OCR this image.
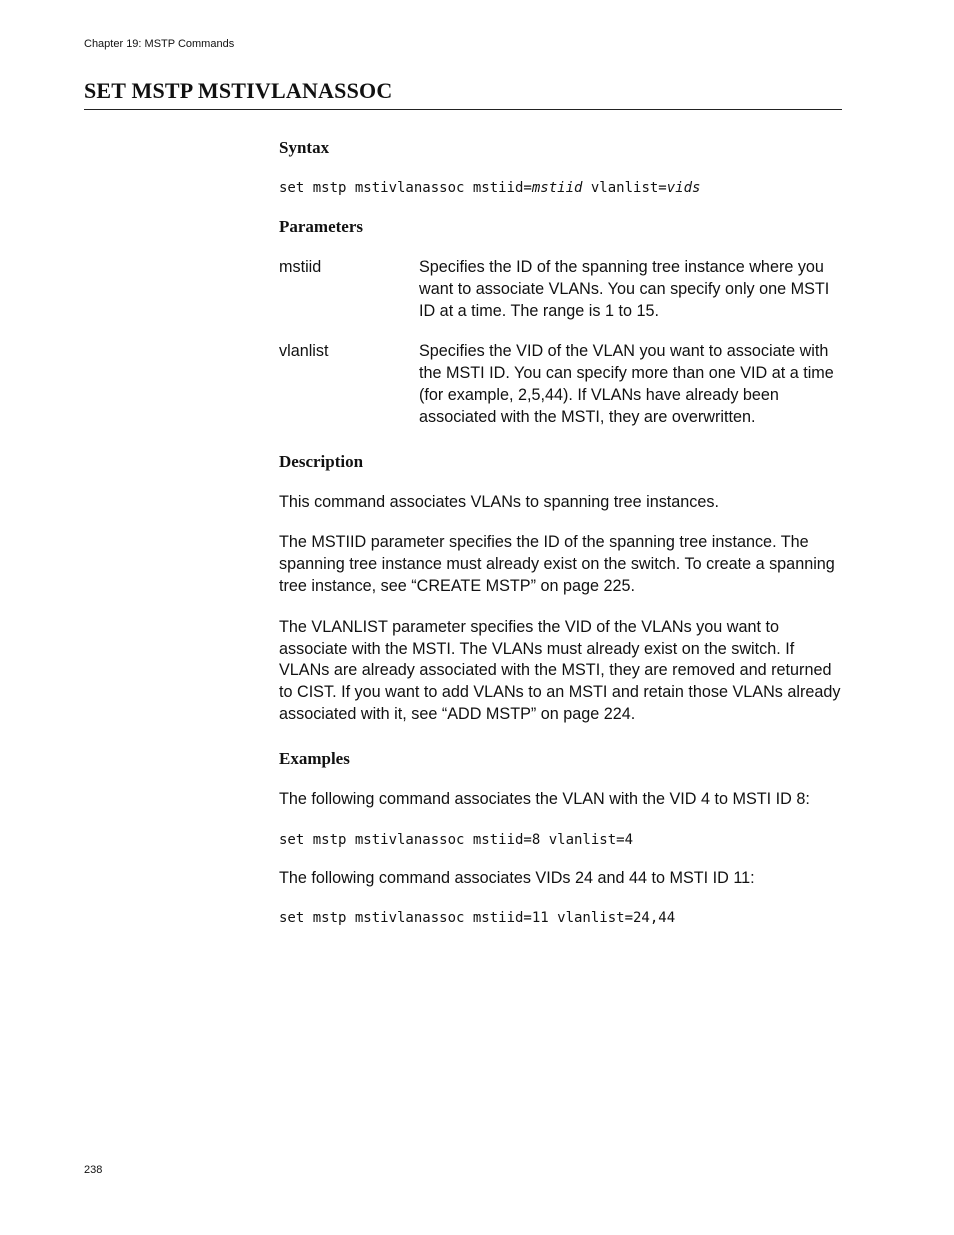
Chapter 19: MSTP Commands
SET MSTP MSTIVLANASSOC
Syntax
set mstp mstivlanassoc mstiid=mstiid vlanlist=vids
Parameters
mstiid	Specifies the ID of the spanning tree instance where you want to associate VLANs. You can specify only one MSTI ID at a time. The range is 1 to 15.
vlanlist	Specifies the VID of the VLAN you want to associate with the MSTI ID. You can specify more than one VID at a time (for example, 2,5,44). If VLANs have already been associated with the MSTI, they are overwritten.
Description

This command associates VLANs to spanning tree instances.

The MSTIID parameter specifies the ID of the spanning tree instance. The spanning tree instance must already exist on the switch. To create a spanning tree instance, see “CREATE MSTP” on page 225.

The VLANLIST parameter specifies the VID of the VLANs you want to associate with the MSTI. The VLANs must already exist on the switch. If VLANs are already associated with the MSTI, they are removed and returned to CIST. If you want to add VLANs to an MSTI and retain those VLANs already associated with it, see “ADD MSTP” on page 224.

Examples

The following command associates the VLAN with the VID 4 to MSTI ID 8:

set mstp mstivlanassoc mstiid=8 vlanlist=4

The following command associates VIDs 24 and 44 to MSTI ID 11:

set mstp mstivlanassoc mstiid=11 vlanlist=24,44
238
